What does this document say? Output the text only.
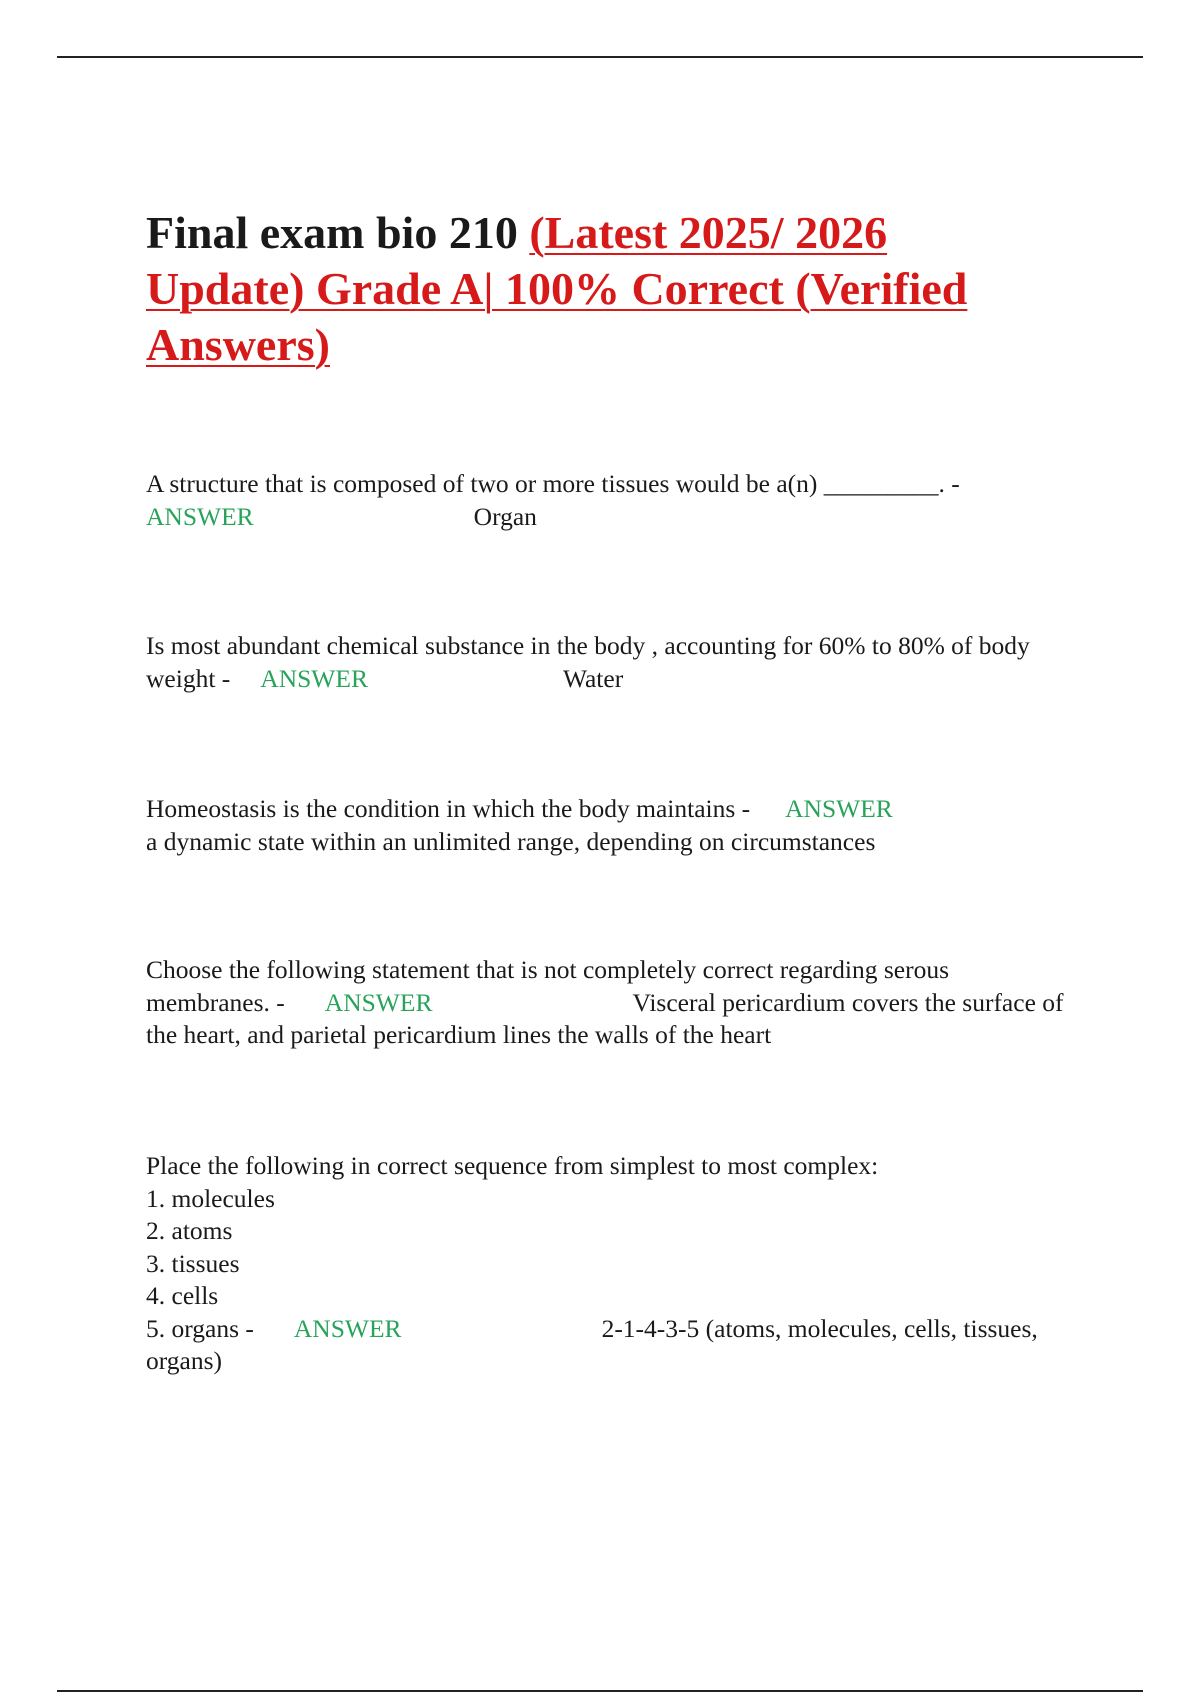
Final exam bio 210 (Latest 2025/ 2026 Update) Grade A| 100% Correct (Verified Answers)

A structure that is composed of two or more tissues would be a(n) _________. -

ANSWER	Organ

Is most abundant chemical substance in the body , accounting for 60% to 80% of body weight - ANSWER	Water

Homeostasis is the condition in which the body maintains - ANSWER

a dynamic state within an unlimited range, depending on circumstances

Choose the following statement that is not completely correct regarding serous membranes. - ANSWER	Visceral pericardium covers the surface of the heart, and parietal pericardium lines the walls of the heart

Place the following in correct sequence from simplest to most complex:

1. molecules

2. atoms

3. tissues

4. cells

5. organs - ANSWER	2-1-4-3-5 (atoms, molecules, cells, tissues, organs)
